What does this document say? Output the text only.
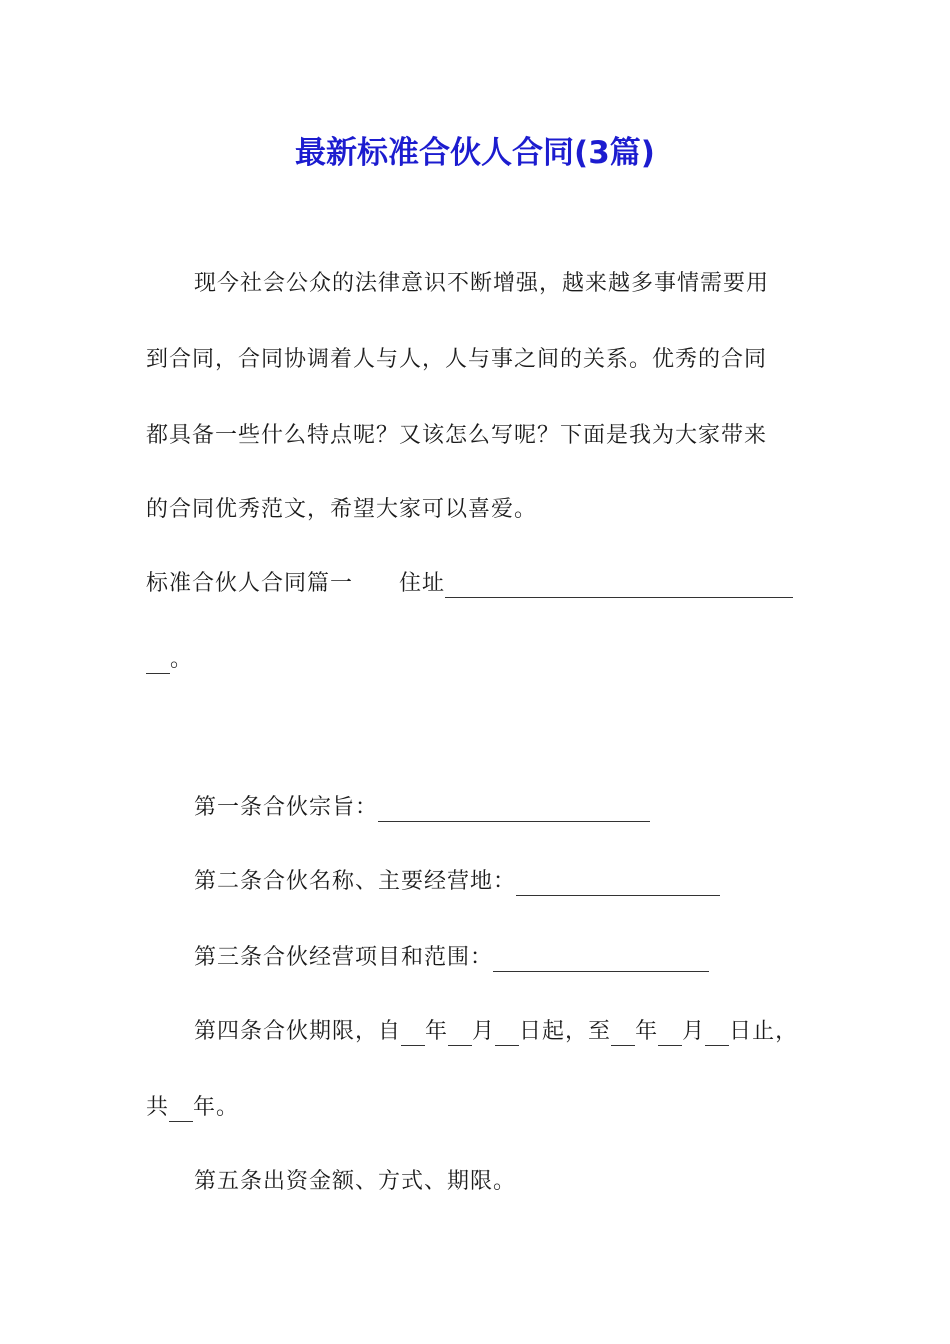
最新标准合伙人合同(3篇)
现今社会公众的法律意识不断增强，越来越多事情需要用
到合同，合同协调着人与人，人与事之间的关系。优秀的合同
都具备一些什么特点呢？又该怎么写呢？下面是我为大家带来
的合同优秀范文，希望大家可以喜爱。
标准合伙人合同篇一 住址
。
第一条合伙宗旨：
第二条合伙名称、主要经营地：
第三条合伙经营项目和范围：
第四条合伙期限，自 年 月 日起，至 年 月 日止，
共 年。
第五条出资金额、方式、期限。
